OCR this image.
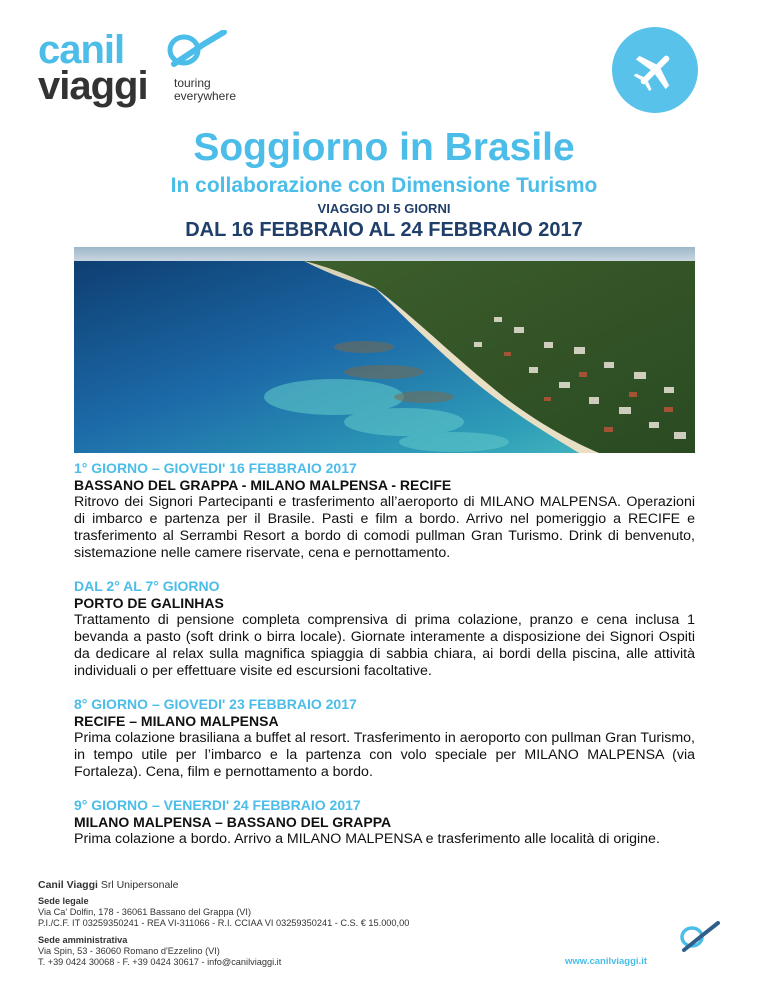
canil
viaggi touring
everywhere
Soggiorno in Brasile
In collaborazione con Dimensione Turismo
VIAGGIO DI 5 GIORNI
DAL 16 FEBBRAIO AL 24 FEBBRAIO 2017
1° GIORNO – GIOVEDI' 16 FEBBRAIO 2017
BASSANO DEL GRAPPA - MILANO MALPENSA - RECIFE
Ritrovo dei Signori Partecipanti e trasferimento all’aeroporto di MILANO MALPENSA. Operazioni di imbarco e partenza per il Brasile. Pasti e film a bordo. Arrivo nel pomeriggio a RECIFE e trasferimento al Serrambi Resort a bordo di comodi pullman Gran Turismo. Drink di benvenuto, sistemazione nelle camere riservate, cena e pernottamento.
DAL 2° AL 7° GIORNO
PORTO DE GALINHAS
Trattamento di pensione completa comprensiva di prima colazione, pranzo e cena inclusa 1 bevanda a pasto (soft drink o birra locale). Giornate interamente a disposizione dei Signori Ospiti da dedicare al relax sulla magnifica spiaggia di sabbia chiara, ai bordi della piscina, alle attività individuali o per effettuare visite ed escursioni facoltative.
8° GIORNO – GIOVEDI' 23 FEBBRAIO 2017
RECIFE – MILANO MALPENSA
Prima colazione brasiliana a buffet al resort. Trasferimento in aeroporto con pullman Gran Turismo, in tempo utile per l’imbarco e la partenza con volo speciale per MILANO MALPENSA (via Fortaleza). Cena, film e pernottamento a bordo.
9° GIORNO – VENERDI' 24 FEBBRAIO 2017
MILANO MALPENSA – BASSANO DEL GRAPPA
Prima colazione a bordo. Arrivo a MILANO MALPENSA e trasferimento alle località di origine.
Canil Viaggi Srl Unipersonale
Sede legale
Via Ca' Dolfin, 178 - 36061 Bassano del Grappa (VI)
P.I./C.F. IT 03259350241 - REA VI-311066 - R.I. CCIAA VI 03259350241 - C.S. € 15.000,00
Sede amministrativa
Via Spin, 53 - 36060 Romano d'Ezzelino (VI)
T. +39 0424 30068 - F. +39 0424 30617 - info@canilviaggi.it	www.canilviaggi.it
